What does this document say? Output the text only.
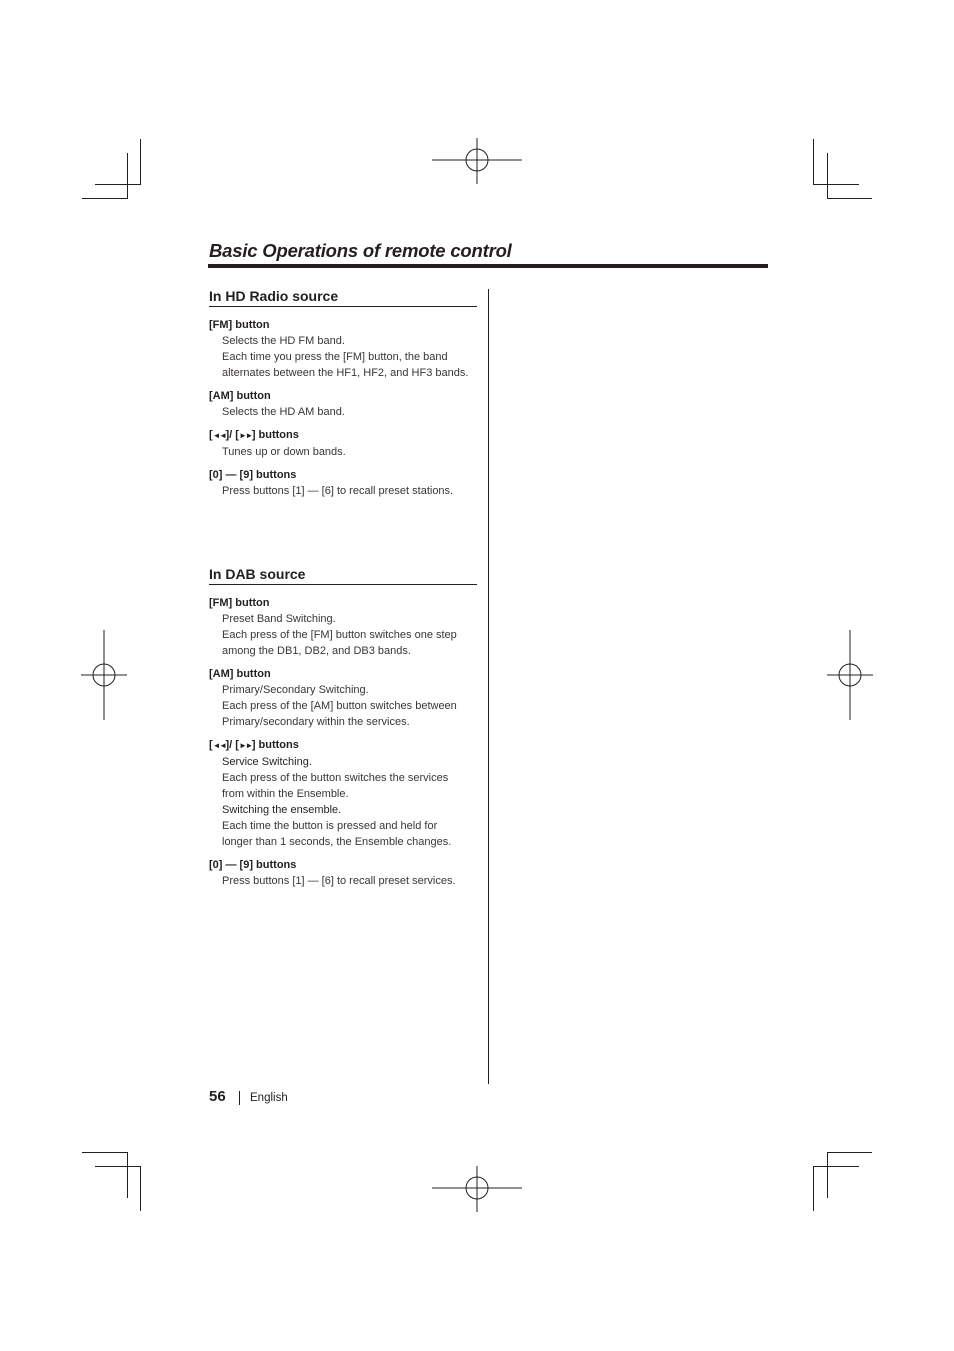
Basic Operations of remote control
In HD Radio source
[FM] button
Selects the HD FM band.
Each time you press the [FM] button, the band
alternates between the HF1, HF2, and HF3 bands.
[AM] button
Selects the HD AM band.
[◄◄]/ [►►] buttons
Tunes up or down bands.
[0] — [9] buttons
Press buttons [1] — [6] to recall preset stations.
In DAB source
[FM] button
Preset Band Switching.
Each press of the [FM] button switches one step
among the DB1, DB2, and DB3 bands.
[AM] button
Primary/Secondary Switching.
Each press of the [AM] button switches between
Primary/secondary within the services.
[◄◄]/ [►►] buttons
Service Switching.
Each press of the button switches the services
from within the Ensemble.
Switching the ensemble.
Each time the button is pressed and held for
longer than 1 seconds, the Ensemble changes.
[0] — [9] buttons
Press buttons [1] — [6] to recall preset services.
56 English
